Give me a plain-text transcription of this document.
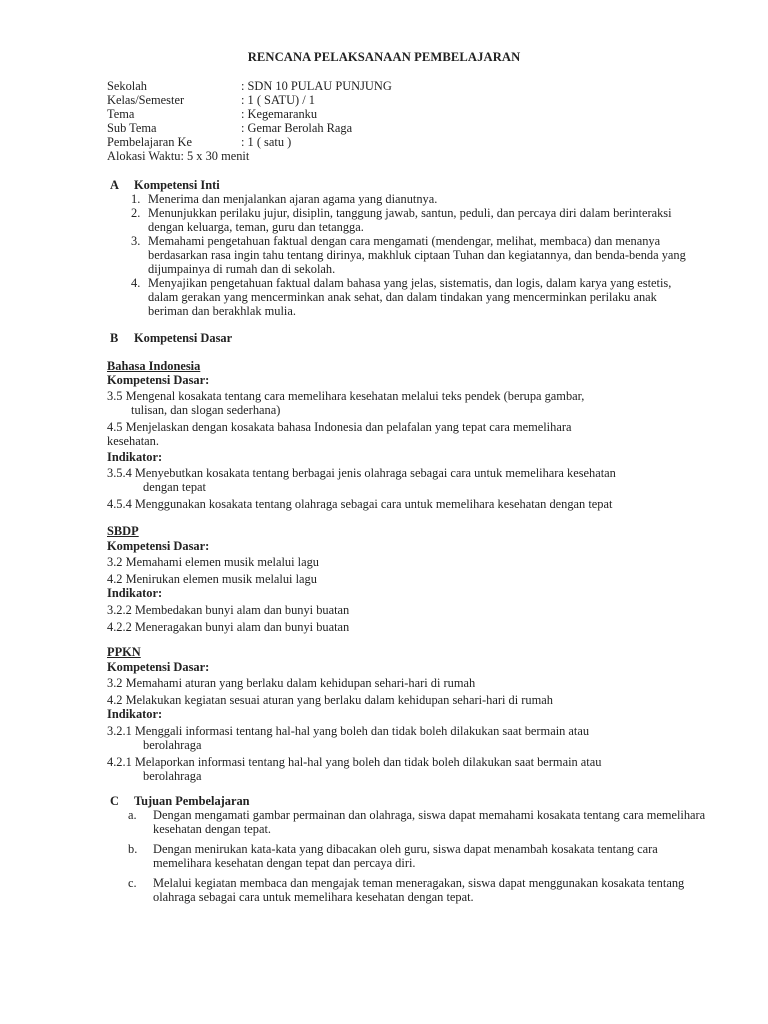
RENCANA PELAKSANAAN PEMBELAJARAN
Sekolah	: SDN 10 PULAU PUNJUNG
Kelas/Semester	: 1 ( SATU) / 1
Tema	: Kegemaranku
Sub Tema	: Gemar Berolah Raga
Pembelajaran Ke	: 1 ( satu )
Alokasi Waktu: 5 x 30 menit
A Kompetensi Inti
1. Menerima dan menjalankan ajaran agama yang dianutnya.
2. Menunjukkan perilaku jujur, disiplin, tanggung jawab, santun, peduli, dan percaya diri dalam berinteraksi dengan keluarga, teman, guru dan tetangga.
3. Memahami pengetahuan faktual dengan cara mengamati (mendengar, melihat, membaca) dan menanya berdasarkan rasa ingin tahu tentang dirinya, makhluk ciptaan Tuhan dan kegiatannya, dan benda-benda yang dijumpainya di rumah dan di sekolah.
4. Menyajikan pengetahuan faktual dalam bahasa yang jelas, sistematis, dan logis, dalam karya yang estetis, dalam gerakan yang mencerminkan anak sehat, dan dalam tindakan yang mencerminkan perilaku anak beriman dan berakhlak mulia.
B Kompetensi Dasar
Bahasa Indonesia
Kompetensi Dasar:
3.5 Mengenal kosakata tentang cara memelihara kesehatan melalui teks pendek (berupa gambar,
tulisan, dan slogan sederhana)
4.5 Menjelaskan dengan kosakata bahasa Indonesia dan pelafalan yang tepat cara memelihara
kesehatan.
Indikator:
3.5.4 Menyebutkan kosakata tentang berbagai jenis olahraga sebagai cara untuk memelihara kesehatan
dengan tepat
4.5.4 Menggunakan kosakata tentang olahraga sebagai cara untuk memelihara kesehatan dengan tepat
SBDP
Kompetensi Dasar:
3.2 Memahami elemen musik melalui lagu
4.2 Menirukan elemen musik melalui lagu
Indikator:
3.2.2 Membedakan bunyi alam dan bunyi buatan
4.2.2 Meneragakan bunyi alam dan bunyi buatan
PPKN
Kompetensi Dasar:
3.2 Memahami aturan yang berlaku dalam kehidupan sehari-hari di rumah
4.2 Melakukan kegiatan sesuai aturan yang berlaku dalam kehidupan sehari-hari di rumah
Indikator:
3.2.1 Menggali informasi tentang hal-hal yang boleh dan tidak boleh dilakukan saat bermain atau
berolahraga
4.2.1 Melaporkan informasi tentang hal-hal yang boleh dan tidak boleh dilakukan saat bermain atau
berolahraga
C Tujuan Pembelajaran
a. Dengan mengamati gambar permainan dan olahraga, siswa dapat memahami kosakata tentang cara memelihara kesehatan dengan tepat.
b. Dengan menirukan kata-kata yang dibacakan oleh guru, siswa dapat menambah kosakata tentang cara memelihara kesehatan dengan tepat dan percaya diri.
c. Melalui kegiatan membaca dan mengajak teman meneragakan, siswa dapat menggunakan kosakata tentang olahraga sebagai cara untuk memelihara kesehatan dengan tepat.
